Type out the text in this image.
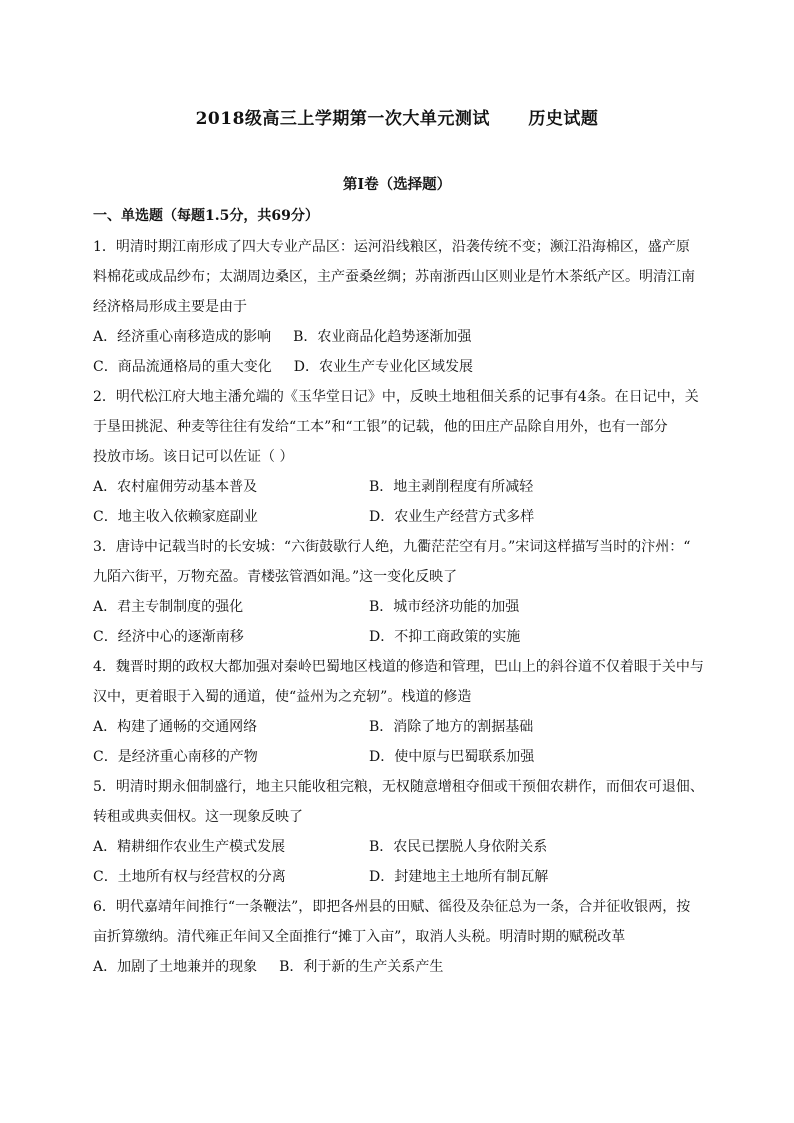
2018级高三上学期第一次大单元测试      历史试题
第I卷（选择题）
一、单选题（每题1.5分，共69分）
1．明清时期江南形成了四大专业产品区：运河沿线粮区，沿袭传统不变；濒江沿海棉区，盛产原
料棉花或成品纱布；太湖周边桑区，主产蚕桑丝绸；苏南浙西山区则业是竹木茶纸产区。明清江南
经济格局形成主要是由于
A．经济重心南移造成的影响 B．农业商品化趋势逐渐加强
C．商品流通格局的重大变化 D．农业生产专业化区域发展
2．明代松江府大地主潘允端的《玉华堂日记》中，反映土地租佃关系的记事有4条。在日记中，关
于垦田挑泥、种麦等往往有发给“工本”和“工银”的记载，他的田庄产品除自用外，也有一部分
投放市场。该日记可以佐证（ ）
A．农村雇佣劳动基本普及	B．地主剥削程度有所减轻
C．地主收入依赖家庭副业	D．农业生产经营方式多样
3．唐诗中记载当时的长安城：“六街鼓歇行人绝，九衢茫茫空有月。”宋词这样描写当时的汴州：“
九陌六街平，万物充盈。青楼弦管酒如渑。”这一变化反映了
A．君主专制制度的强化	B．城市经济功能的加强
C．经济中心的逐渐南移	D．不抑工商政策的实施
4．魏晋时期的政权大都加强对秦岭巴蜀地区栈道的修造和管理，巴山上的斜谷道不仅着眼于关中与
汉中，更着眼于入蜀的通道，使“益州为之充轫”。栈道的修造
A．构建了通畅的交通网络	B．消除了地方的割据基础
C．是经济重心南移的产物	D．使中原与巴蜀联系加强
5．明清时期永佃制盛行，地主只能收租完粮，无权随意增租夺佃或干预佃农耕作，而佃农可退佃、
转租或典卖佃权。这一现象反映了
A．精耕细作农业生产模式发展	B．农民已摆脱人身依附关系
C．土地所有权与经营权的分离	D．封建地主土地所有制瓦解
6．明代嘉靖年间推行“一条鞭法”，即把各州县的田赋、徭役及杂征总为一条，合并征收银两，按
亩折算缴纳。清代雍正年间又全面推行“摊丁入亩”，取消人头税。明清时期的赋税改革
A．加剧了土地兼并的现象 B．利于新的生产关系产生
